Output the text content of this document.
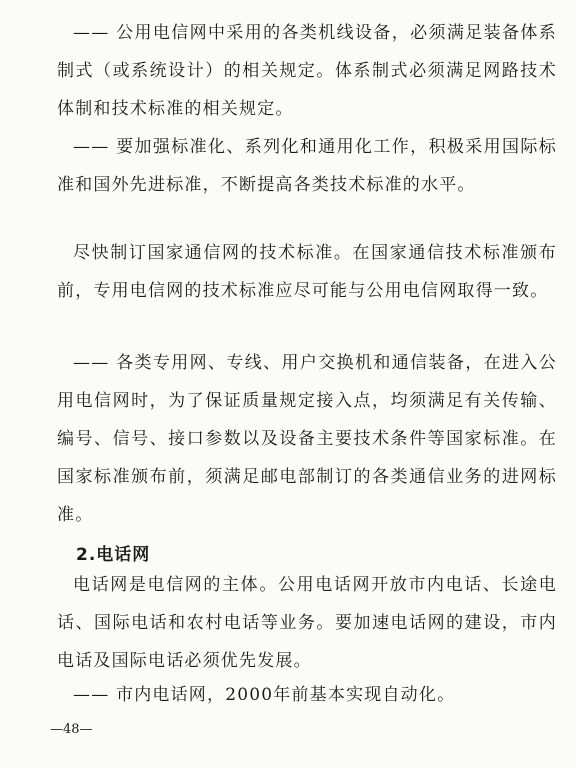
—— 公用电信网中采用的各类机线设备，必须满足装备体系制式（或系统设计）的相关规定。体系制式必须满足网路技术体制和技术标准的相关规定。

—— 要加强标准化、系列化和通用化工作，积极采用国际标准和国外先进标准，不断提高各类技术标准的水平。

尽快制订国家通信网的技术标准。在国家通信技术标准颁布前，专用电信网的技术标准应尽可能与公用电信网取得一致。

—— 各类专用网、专线、用户交换机和通信装备，在进入公用电信网时，为了保证质量规定接入点，均须满足有关传输、编号、信号、接口参数以及设备主要技术条件等国家标准。在国家标准颁布前，须满足邮电部制订的各类通信业务的进网标准。

2.电话网

电话网是电信网的主体。公用电话网开放市内电话、长途电话、国际电话和农村电话等业务。要加速电话网的建设，市内电话及国际电话必须优先发展。

—— 市内电话网，2000年前基本实现自动化。

—48—
